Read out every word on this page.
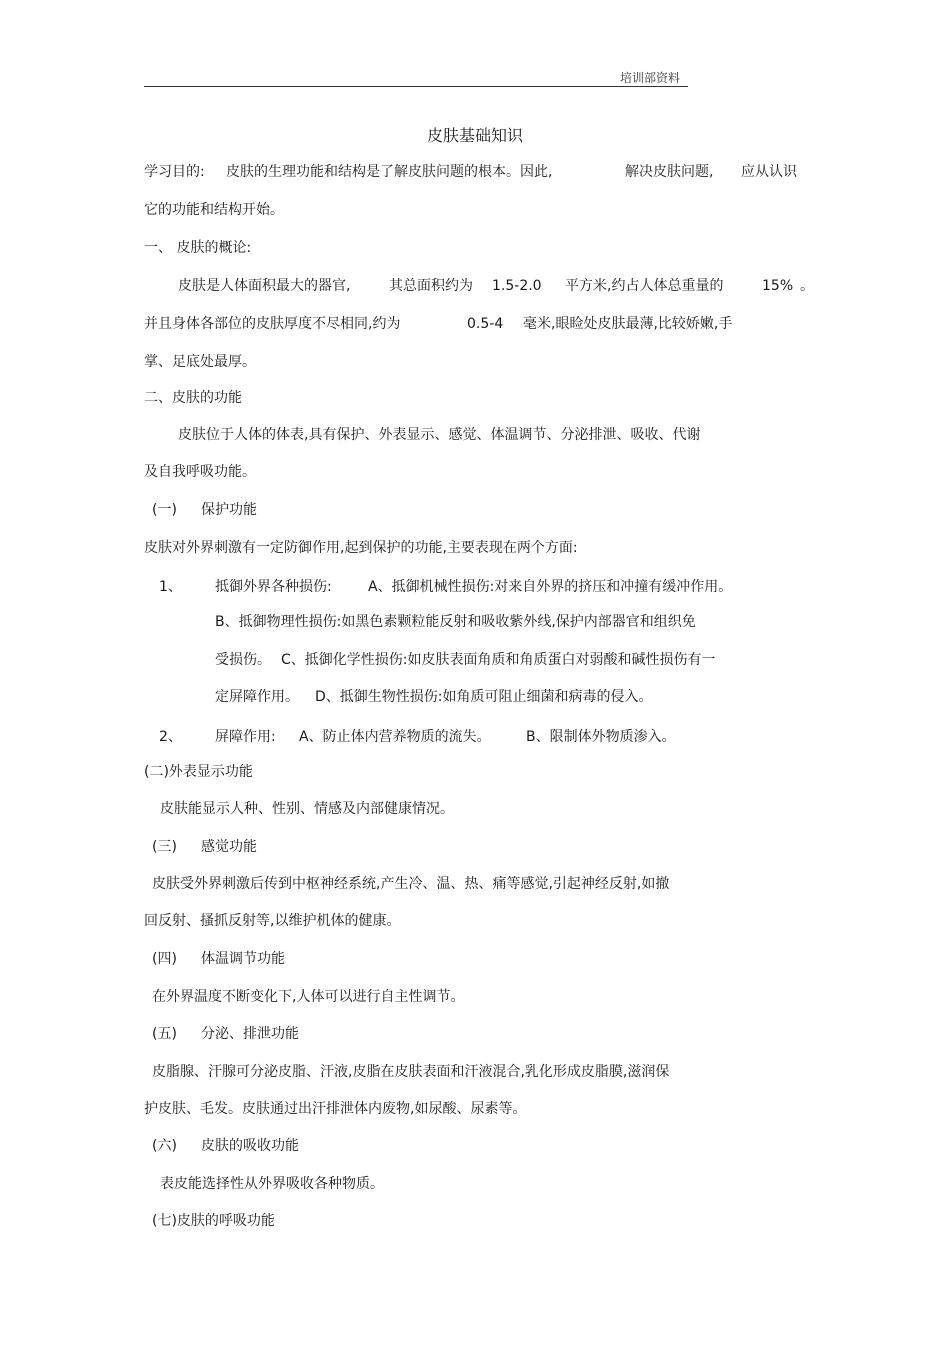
培训部资料
皮肤基础知识
学习目的: 皮肤的生理功能和结构是了解皮肤问题的根本。因此,	解决皮肤问题, 应从认识
它的功能和结构开始。
一、 皮肤的概论:
皮肤是人体面积最大的器官,	其总面积约为 1.5-2.0 平方米,约占人体总重量的	15% 。
并且身体各部位的皮肤厚度不尽相同,约为	0.5-4 毫米,眼睑处皮肤最薄,比较娇嫩,手
掌、足底处最厚。
二、皮肤的功能
皮肤位于人体的体表,具有保护、外表显示、感觉、体温调节、分泌排泄、吸收、代谢
及自我呼吸功能。
(一) 保护功能
皮肤对外界刺激有一定防御作用,起到保护的功能,主要表现在两个方面:
1、 抵御外界各种损伤:	A、抵御机械性损伤:对来自外界的挤压和冲撞有缓冲作用。
B、抵御物理性损伤:如黑色素颗粒能反射和吸收紫外线,保护内部器官和组织免
受损伤。 C、抵御化学性损伤:如皮肤表面角质和角质蛋白对弱酸和碱性损伤有一
定屏障作用。 D、抵御生物性损伤:如角质可阻止细菌和病毒的侵入。
2、 屏障作用: A、防止体内营养物质的流失。	B、限制体外物质渗入。
(二)外表显示功能
皮肤能显示人种、性别、情感及内部健康情况。
(三) 感觉功能
皮肤受外界刺激后传到中枢神经系统,产生冷、温、热、痛等感觉,引起神经反射,如撤
回反射、搔抓反射等,以维护机体的健康。
(四) 体温调节功能
在外界温度不断变化下,人体可以进行自主性调节。
(五) 分泌、排泄功能
皮脂腺、汗腺可分泌皮脂、汗液,皮脂在皮肤表面和汗液混合,乳化形成皮脂膜,滋润保
护皮肤、毛发。皮肤通过出汗排泄体内废物,如尿酸、尿素等。
(六) 皮肤的吸收功能
表皮能选择性从外界吸收各种物质。
(七)皮肤的呼吸功能
